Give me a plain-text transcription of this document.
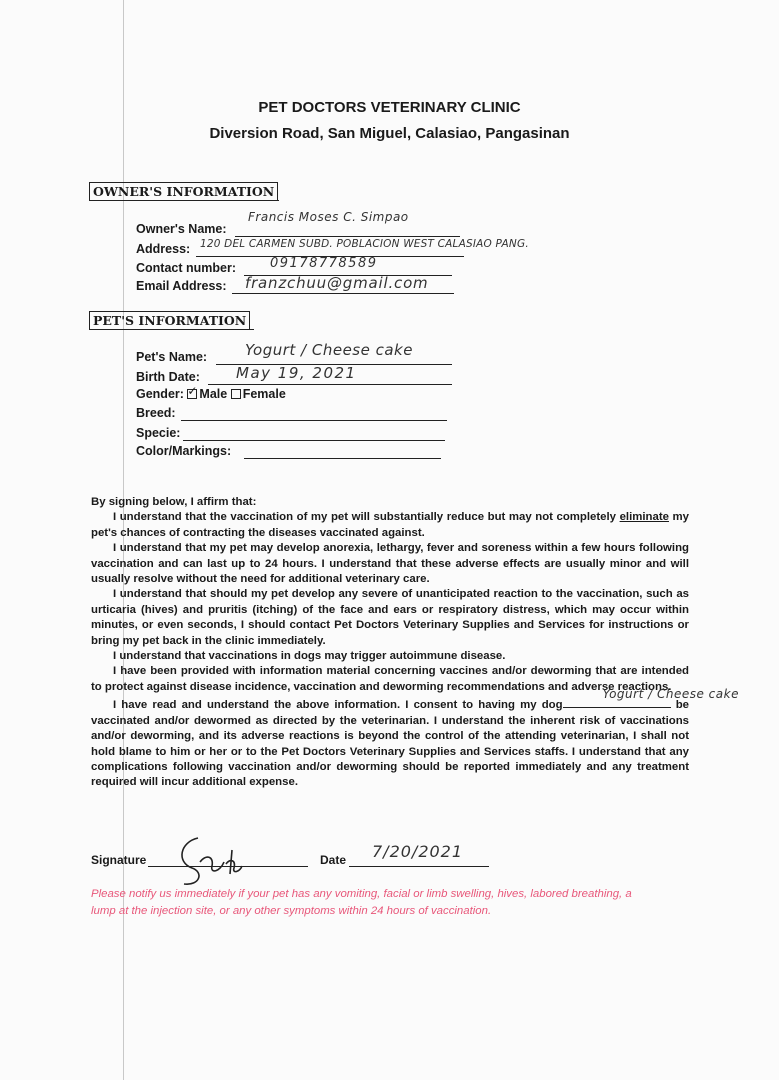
PET DOCTORS VETERINARY CLINIC
Diversion Road, San Miguel, Calasiao, Pangasinan
OWNER'S INFORMATION
Owner's Name:
Francis Moses C. Simpao
Address: 120 DEL CARMEN SUBD. POBLACION WEST CALASIAO PANG.
Contact number:	09178778589
Email Address: franzchuu@gmail.com
PET'S INFORMATION
Pet's Name:	Yogurt / Cheese cake
Birth Date: May 19, 2021
Gender: ✓ Male Female
Breed:
Specie:
Color/Markings:

By signing below, I affirm that:

I understand that the vaccination of my pet will substantially reduce but may not completely eliminate my pet's chances of contracting the diseases vaccinated against.

I understand that my pet may develop anorexia, lethargy, fever and soreness within a few hours following vaccination and can last up to 24 hours. I understand that these adverse effects are usually minor and will usually resolve without the need for additional veterinary care.

I understand that should my pet develop any severe of unanticipated reaction to the vaccination, such as urticaria (hives) and pruritis (itching) of the face and ears or respiratory distress, which may occur within minutes, or even seconds, I should contact Pet Doctors Veterinary Supplies and Services for instructions or bring my pet back in the clinic immediately.

I understand that vaccinations in dogs may trigger autoimmune disease.

I have been provided with information material concerning vaccines and/or deworming that are intended to protect against disease incidence, vaccination and deworming recommendations and adverse reactions.

I have read and understand the above information. I consent to having my dog
Yogurt / Cheese cake
be vaccinated and/or dewormed as directed by the veterinarian. I understand the inherent risk of vaccinations and/or deworming, and its adverse reactions is beyond the control of the attending veterinarian, I shall not hold blame to him or her or to the Pet Doctors Veterinary Supplies and Services staffs. I understand that any complications following vaccination and/or deworming should be reported immediately and any treatment required will incur additional expense.

Signature	Date 7/20/2021
Please notify us immediately if your pet has any vomiting, facial or limb swelling, hives, labored breathing, a lump at the injection site, or any other symptoms within 24 hours of vaccination.
